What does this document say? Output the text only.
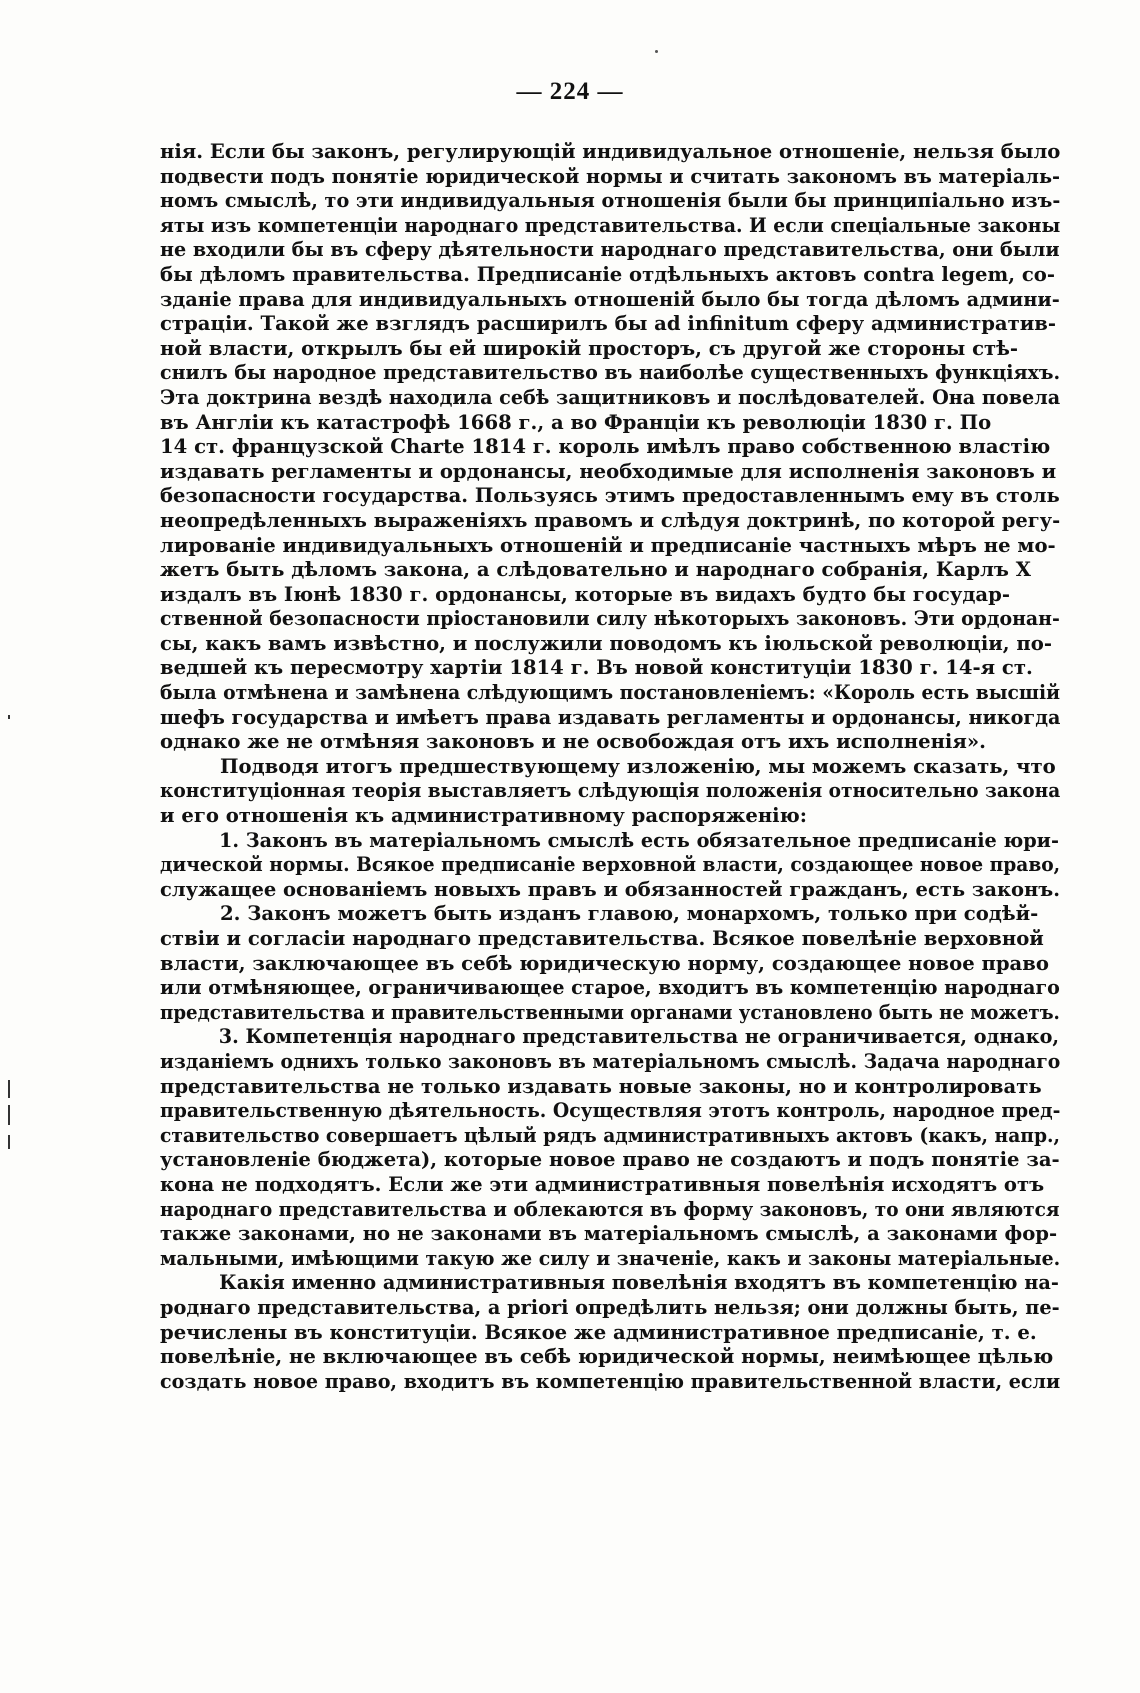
— 224 —
нія. Если бы законъ, регулирующій индивидуальное отношеніе, нельзя было
подвести подъ понятіе юридической нормы и считать закономъ въ матеріаль-
номъ смыслѣ, то эти индивидуальныя отношенія были бы принципіально изъ-
яты изъ компетенціи народнаго представительства. И если спеціальные законы
не входили бы въ сферу дѣятельности народнаго представительства, они были
бы дѣломъ правительства. Предписаніе отдѣльныхъ актовъ contra legem, со-
зданіе права для индивидуальныхъ отношеній было бы тогда дѣломъ админи-
страціи. Такой же взглядъ расширилъ бы ad infinitum сферу административ-
ной власти, открылъ бы ей широкій просторъ, съ другой же стороны стѣ-
снилъ бы народное представительство въ наиболѣе существенныхъ функціяхъ.
Эта доктрина вездѣ находила себѣ защитниковъ и послѣдователей. Она повела
въ Англіи къ катастрофѣ 1668 г., а во Франціи къ революціи 1830 г. По
14 ст. французской Charte 1814 г. король имѣлъ право собственною властію
издавать регламенты и ордонансы, необходимые для исполненія законовъ и
безопасности государства. Пользуясь этимъ предоставленнымъ ему въ столь
неопредѣленныхъ выраженіяхъ правомъ и слѣдуя доктринѣ, по которой регу-
лированіе индивидуальныхъ отношеній и предписаніе частныхъ мѣръ не мо-
жетъ быть дѣломъ закона, а слѣдовательно и народнаго собранія, Карлъ X
издалъ въ Іюнѣ 1830 г. ордонансы, которые въ видахъ будто бы государ-
ственной безопасности пріостановили силу нѣкоторыхъ законовъ. Эти ордонан-
сы, какъ вамъ извѣстно, и послужили поводомъ къ іюльской революціи, по-
ведшей къ пересмотру хартіи 1814 г. Въ новой конституціи 1830 г. 14-я ст.
была отмѣнена и замѣнена слѣдующимъ постановленіемъ: «Король есть высшій
шефъ государства и имѣетъ права издавать регламенты и ордонансы, никогда
однако же не отмѣняя законовъ и не освобождая отъ ихъ исполненія».
Подводя итогъ предшествующему изложенію, мы можемъ сказать, что
конституціонная теорія выставляетъ слѣдующія положенія относительно закона
и его отношенія къ административному распоряженію:
1. Законъ въ матеріальномъ смыслѣ есть обязательное предписаніе юри-
дической нормы. Всякое предписаніе верховной власти, создающее новое право,
служащее основаніемъ новыхъ правъ и обязанностей гражданъ, есть законъ.
2. Законъ можетъ быть изданъ главою, монархомъ, только при содѣй-
ствіи и согласіи народнаго представительства. Всякое повелѣніе верховной
власти, заключающее въ себѣ юридическую норму, создающее новое право
или отмѣняющее, ограничивающее старое, входитъ въ компетенцію народнаго
представительства и правительственными органами установлено быть не можетъ.
3. Компетенція народнаго представительства не ограничивается, однако,
изданіемъ однихъ только законовъ въ матеріальномъ смыслѣ. Задача народнаго
представительства не только издавать новые законы, но и контролировать
правительственную дѣятельность. Осуществляя этотъ контроль, народное пред-
ставительство совершаетъ цѣлый рядъ административныхъ актовъ (какъ, напр.,
установленіе бюджета), которые новое право не создаютъ и подъ понятіе за-
кона не подходятъ. Если же эти административныя повелѣнія исходятъ отъ
народнаго представительства и облекаются въ форму законовъ, то они являются
также законами, но не законами въ матеріальномъ смыслѣ, а законами фор-
мальными, имѣющими такую же силу и значеніе, какъ и законы матеріальные.
Какія именно административныя повелѣнія входятъ въ компетенцію на-
роднаго представительства, a priori опредѣлить нельзя; они должны быть, пе-
речислены въ конституціи. Всякое же административное предписаніе, т. е.
повелѣніе, не включающее въ себѣ юридической нормы, неимѣющее цѣлью
создать новое право, входитъ въ компетенцію правительственной власти, если
